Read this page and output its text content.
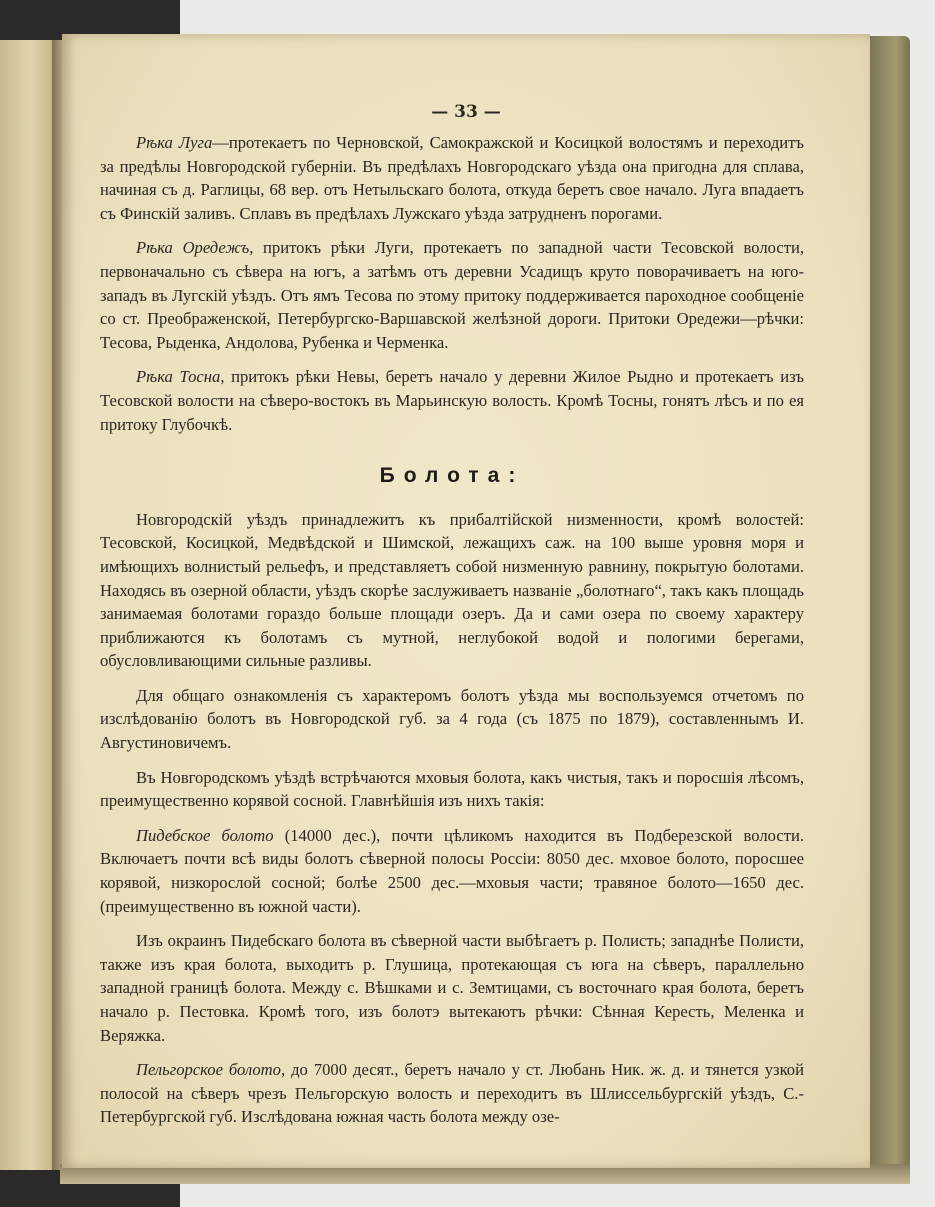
— 33 —

Рѣка Луга—протекаетъ по Черновской, Самокражской и Косицкой волостямъ и переходитъ за предѣлы Новгородской губерніи. Въ предѣлахъ Новгородскаго уѣзда она пригодна для сплава, начиная съ д. Раглицы, 68 вер. отъ Нетыльскаго болота, откуда беретъ свое начало. Луга впадаетъ съ Финскій заливъ. Сплавъ въ предѣлахъ Лужскаго уѣзда затрудненъ порогами.

Рѣка Оредежъ, притокъ рѣки Луги, протекаетъ по западной части Тесовской волости, первоначально съ сѣвера на югъ, а затѣмъ отъ деревни Усадищъ круто поворачиваетъ на юго-западъ въ Лугскій уѣздъ. Отъ ямъ Тесова по этому притоку поддерживается пароходное сообщеніе со ст. Преображенской, Петербургско-Варшавской желѣзной дороги. Притоки Оредежи—рѣчки: Тесова, Рыденка, Андолова, Рубенка и Черменка.

Рѣка Тосна, притокъ рѣки Невы, беретъ начало у деревни Жилое Рыдно и протекаетъ изъ Тесовской волости на сѣверо-востокъ въ Марьинскую волость. Кромѣ Тосны, гонятъ лѣсъ и по ея притоку Глубочкѣ.

Болота:

Новгородскій уѣздъ принадлежитъ къ прибалтійской низменности, кромѣ волостей: Тесовской, Косицкой, Медвѣдской и Шимской, лежащихъ саж. на 100 выше уровня моря и имѣющихъ волнистый рельефъ, и представляетъ собой низменную равнину, покрытую болотами. Находясь въ озерной области, уѣздъ скорѣе заслуживаетъ названіе „болотнаго“, такъ какъ площадь занимаемая болотами гораздо больше площади озеръ. Да и сами озера по своему характеру приближаются къ болотамъ съ мутной, неглубокой водой и пологими берегами, обусловливающими сильные разливы.

Для общаго ознакомленія съ характеромъ болотъ уѣзда мы воспользуемся отчетомъ по изслѣдованію болотъ въ Новгородской губ. за 4 года (съ 1875 по 1879), составленнымъ И. Августиновичемъ.

Въ Новгородскомъ уѣздѣ встрѣчаются мховыя болота, какъ чистыя, такъ и поросшія лѣсомъ, преимущественно корявой сосной. Главнѣйшія изъ нихъ такія:

Пидебское болото (14000 дес.), почти цѣликомъ находится въ Подберезской волости. Включаетъ почти всѣ виды болотъ сѣверной полосы Россіи: 8050 дес. мховое болото, поросшее корявой, низкорослой сосной; болѣе 2500 дес.—мховыя части; травяное болото—1650 дес. (преимущественно въ южной части).

Изъ окраинъ Пидебскаго болота въ сѣверной части выбѣгаетъ р. Полисть; западнѣе Полисти, также изъ края болота, выходитъ р. Глушица, протекающая съ юга на сѣверъ, параллельно западной границѣ болота. Между с. Вѣшками и с. Земтицами, съ восточнаго края болота, беретъ начало р. Пестовка. Кромѣ того, изъ болотэ вытекаютъ рѣчки: Сѣнная Кересть, Меленка и Веряжка.

Пельгорское болото, до 7000 десят., беретъ начало у ст. Любань Ник. ж. д. и тянется узкой полосой на сѣверъ чрезъ Пельгорскую волость и переходитъ въ Шлиссельбургскій уѣздъ, С.-Петербургской губ. Изслѣдована южная часть болота между озе-
